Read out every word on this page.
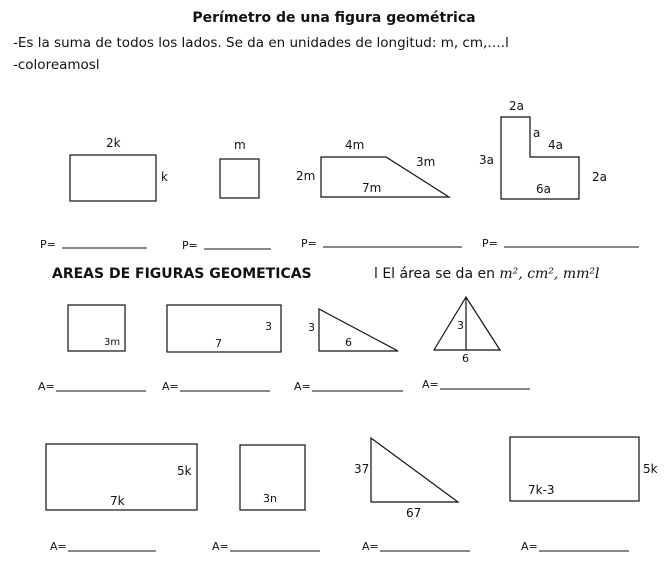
Perímetro de una figura geométrica
-Es la suma de todos los lados. Se da en unidades de longitud: m, cm,….l
-coloreamosl
AREAS DE FIGURAS GEOMETICAS	l El área se da en m², cm², mm²l
2k
k
m	4m
2m
3m
7m
2a
a
4a
3a
2a
6a
P=	P=	P=	P=
3m
3
7
3
6
3
6
A=	A=	A=	A=
5k
7k	3n
37
67
5k
7k-3
A=	A=	A=	A=
